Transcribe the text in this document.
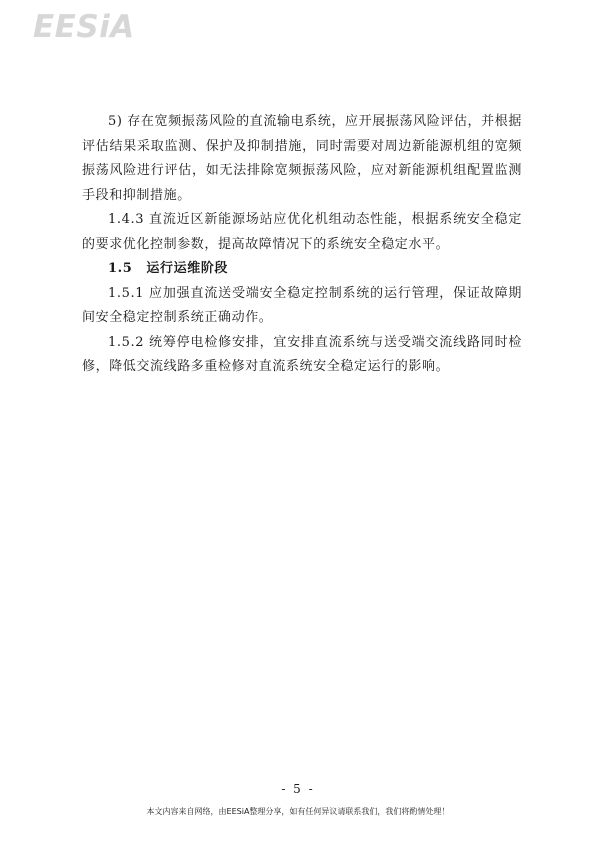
EESiA

5) 存在宽频振荡风险的直流输电系统，应开展振荡风险评估，并根据评估结果采取监测、保护及抑制措施，同时需要对周边新能源机组的宽频振荡风险进行评估，如无法排除宽频振荡风险，应对新能源机组配置监测手段和抑制措施。

1.4.3 直流近区新能源场站应优化机组动态性能，根据系统安全稳定的要求优化控制参数，提高故障情况下的系统安全稳定水平。

1.5 运行运维阶段

1.5.1 应加强直流送受端安全稳定控制系统的运行管理，保证故障期间安全稳定控制系统正确动作。

1.5.2 统筹停电检修安排，宜安排直流系统与送受端交流线路同时检修，降低交流线路多重检修对直流系统安全稳定运行的影响。

- 5 -
本文内容来自网络，由EESiA整理分享，如有任何异议请联系我们，我们将酌情处理！
